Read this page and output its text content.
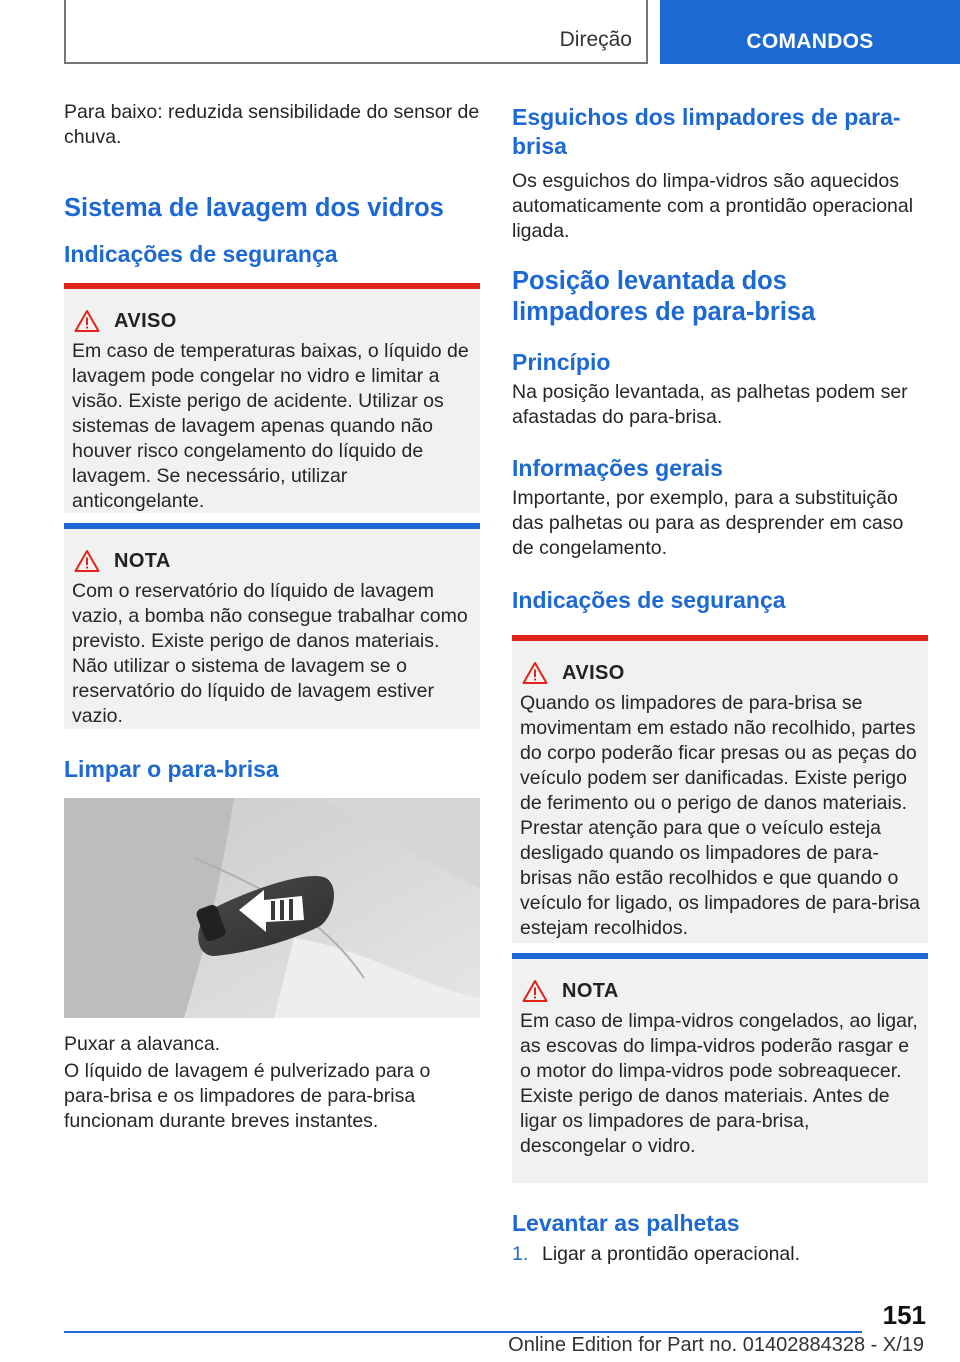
Direção	COMANDOS

Para baixo: reduzida sensibilidade do sensor de chuva.

Sistema de lavagem dos vidros
Indicações de segurança
AVISO

Em caso de temperaturas baixas, o líquido de lavagem pode congelar no vidro e limitar a visão. Existe perigo de acidente. Utilizar os sistemas de lavagem apenas quando não houver risco congelamento do líquido de lavagem. Se necessário, utilizar anticongelante.

NOTA

Com o reservatório do líquido de lavagem vazio, a bomba não consegue trabalhar como previsto. Existe perigo de danos materiais. Não utilizar o sistema de lavagem se o reservatório do líquido de lavagem estiver vazio.

Limpar o para-brisa

Puxar a alavanca.

O líquido de lavagem é pulverizado para o para-brisa e os limpadores de para-brisa funcionam durante breves instantes.

Esguichos dos limpadores de para-brisa

Os esguichos do limpa-vidros são aquecidos automaticamente com a prontidão operacional ligada.

Posição levantada dos limpadores de para-brisa
Princípio

Na posição levantada, as palhetas podem ser afastadas do para-brisa.

Informações gerais

Importante, por exemplo, para a substituição das palhetas ou para as desprender em caso de congelamento.

Indicações de segurança
AVISO

Quando os limpadores de para-brisa se movimentam em estado não recolhido, partes do corpo poderão ficar presas ou as peças do veículo podem ser danificadas. Existe perigo de ferimento ou o perigo de danos materiais. Prestar atenção para que o veículo esteja desligado quando os limpadores de para-brisas não estão recolhidos e que quando o veículo for ligado, os limpadores de para-brisa estejam recolhidos.

NOTA

Em caso de limpa-vidros congelados, ao ligar, as escovas do limpa-vidros poderão rasgar e o motor do limpa-vidros pode sobreaquecer. Existe perigo de danos materiais. Antes de ligar os limpadores de para-brisa, descongelar o vidro.

Levantar as palhetas
1. Ligar a prontidão operacional.
151
Online Edition for Part no. 01402884328 - X/19
